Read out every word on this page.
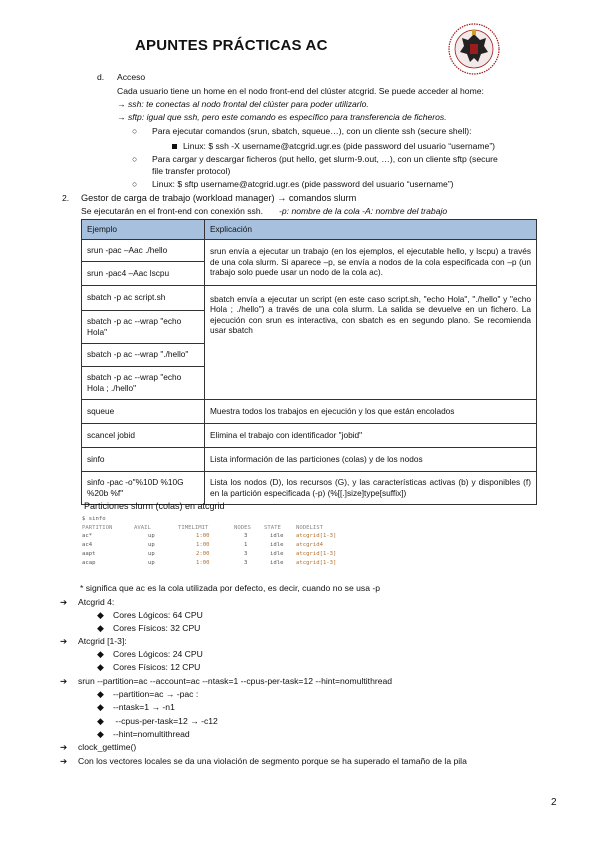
APUNTES PRÁCTICAS AC
d. Acceso
Cada usuario tiene un home en el nodo front-end del clúster atcgrid. Se puede acceder al home:
→ ssh: te conectas al nodo frontal del clúster para poder utilizarlo.
→ sftp: igual que ssh, pero este comando es específico para transferencia de ficheros.
○ Para ejecutar comandos (srun, sbatch, squeue…), con un cliente ssh (secure shell):
Linux: $ ssh -X username@atcgrid.ugr.es (pide password del usuario “username”)
○ Para cargar y descargar ficheros (put hello, get slurm-9.out, …), con un cliente sftp (secure
file transfer protocol)
○ Linux: $ sftp username@atcgrid.ugr.es (pide password del usuario “username”)
2. Gestor de carga de trabajo (workload manager) → comandos slurm
Se ejecutarán en el front-end con conexión ssh. -p: nombre de la cola -A: nombre del trabajo
Ejemplo	Explicación
srun -pac –Aac ./hello	srun envía a ejecutar un trabajo (en los ejemplos, el ejecutable hello, y lscpu) a través de una cola slurm. Si aparece –p, se envía a nodos de la cola especificada con –p (un trabajo solo puede usar un nodo de la cola ac).
srun -pac4 –Aac lscpu	
sbatch -p ac script.sh	sbatch envía a ejecutar un script (en este caso script.sh, "echo Hola", "./hello" y "echo Hola ; ./hello") a través de una cola slurm. La salida se devuelve en un fichero. La ejecución con srun es interactiva, con sbatch es en segundo plano. Se recomienda usar sbatch
sbatch -p ac --wrap "echo Hola"	
sbatch -p ac --wrap "./hello"	
sbatch -p ac --wrap "echo Hola ; ./hello"	
squeue	Muestra todos los trabajos en ejecución y los que están encolados
scancel jobid	Elimina el trabajo con identificador "jobid"
sinfo	Lista información de las particiones (colas) y de los nodos
sinfo -pac -o"%10D %10G %20b %f"	Lista los nodos (D), los recursos (G), y las características activas (b) y disponibles (f) en la partición especificada (-p) (%[[.]size]type[suffix])
Particiones slurm (colas) en atcgrid
$ sinfo
PARTITION	AVAIL	TIMELIMIT	NODES STATE	NODELIST
ac*	up	1:00	3	idle atcgrid[1-3]
ac4	up	1:00	1	idle atcgrid4
aapt	up	2:00	3	idle atcgrid[1-3]
acap	up	1:00	3	idle atcgrid[1-3]
* significa que ac es la cola utilizada por defecto, es decir, cuando no se usa -p
➔ Atcgrid 4:
◆ Cores Lógicos: 64 CPU
◆ Cores Físicos: 32 CPU
➔ Atcgrid [1-3]:
◆ Cores Lógicos: 24 CPU
◆ Cores Físicos: 12 CPU
➔ srun --partition=ac --account=ac --ntask=1 --cpus-per-task=12 --hint=nomultithread
◆ --partition=ac → -pac :
◆ --ntask=1 → -n1
◆ --cpus-per-task=12 → -c12
◆ --hint=nomultithread
➔ clock_gettime()
➔ Con los vectores locales se da una violación de segmento porque se ha superado el tamaño de la pila
2
